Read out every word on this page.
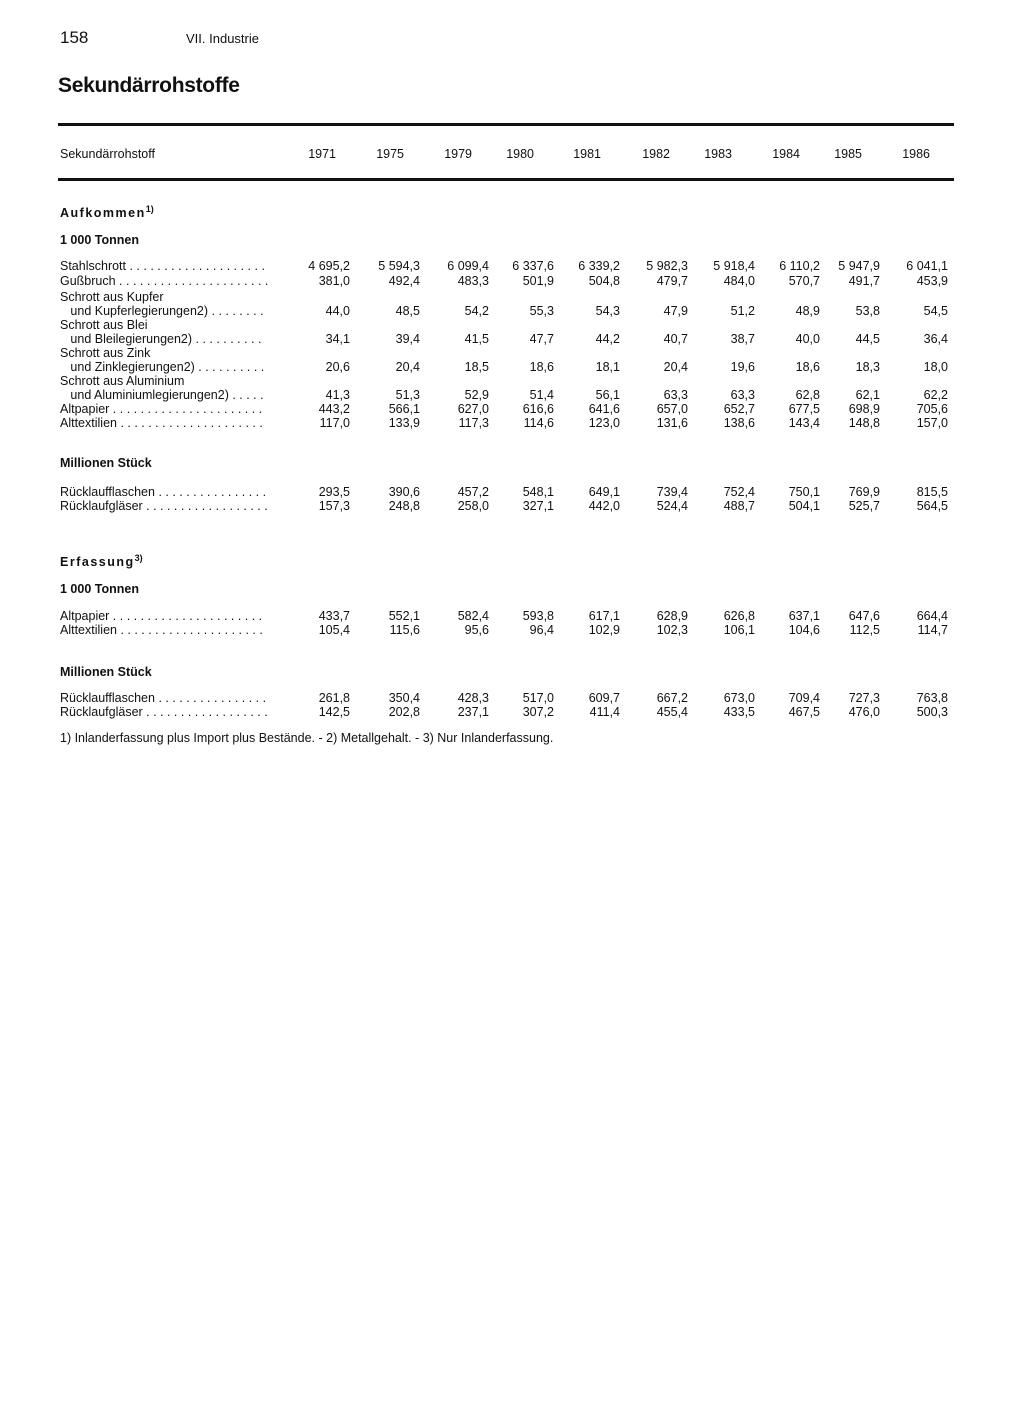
158	VII. Industrie
Sekundärrohstoffe
Sekundärrohstoff	1971	1975	1979	1980	1981	1982	1983	1984	1985	1986
Aufkommen$^{1)}$
1 000 Tonnen
Stahlschrott . . . . . . . . . . . . . . . . . . . .	4 695,2	5 594,3	6 099,4	6 337,6	6 339,2	5 982,3	5 918,4	6 110,2	5 947,9	6 041,1
Gußbruch . . . . . . . . . . . . . . . . . . . . . .	381,0	492,4	483,3	501,9	504,8	479,7	484,0	570,7	491,7	453,9
Schrott aus Kupfer
und Kupferlegierungen2) . . . . . . . .	44,0	48,5	54,2	55,3	54,3	47,9	51,2	48,9	53,8	54,5
Schrott aus Blei
und Bleilegierungen2) . . . . . . . . . .	34,1	39,4	41,5	47,7	44,2	40,7	38,7	40,0	44,5	36,4
Schrott aus Zink
und Zinklegierungen2) . . . . . . . . . .	20,6	20,4	18,5	18,6	18,1	20,4	19,6	18,6	18,3	18,0
Schrott aus Aluminium
und Aluminiumlegierungen2) . . . . .	41,3	51,3	52,9	51,4	56,1	63,3	63,3	62,8	62,1	62,2
Altpapier . . . . . . . . . . . . . . . . . . . . . .	443,2	566,1	627,0	616,6	641,6	657,0	652,7	677,5	698,9	705,6
Alttextilien . . . . . . . . . . . . . . . . . . . . .	117,0	133,9	117,3	114,6	123,0	131,6	138,6	143,4	148,8	157,0
Millionen Stück
Rücklaufflaschen . . . . . . . . . . . . . . . .	293,5	390,6	457,2	548,1	649,1	739,4	752,4	750,1	769,9	815,5
Rücklaufgläser . . . . . . . . . . . . . . . . . .	157,3	248,8	258,0	327,1	442,0	524,4	488,7	504,1	525,7	564,5
Erfassung$^{3)}$
1 000 Tonnen
Altpapier . . . . . . . . . . . . . . . . . . . . . .	433,7	552,1	582,4	593,8	617,1	628,9	626,8	637,1	647,6	664,4
Alttextilien . . . . . . . . . . . . . . . . . . . . .	105,4	115,6	95,6	96,4	102,9	102,3	106,1	104,6	112,5	114,7
Millionen Stück
Rücklaufflaschen . . . . . . . . . . . . . . . .	261,8	350,4	428,3	517,0	609,7	667,2	673,0	709,4	727,3	763,8
Rücklaufgläser . . . . . . . . . . . . . . . . . .	142,5	202,8	237,1	307,2	411,4	455,4	433,5	467,5	476,0	500,3
1) Inlanderfassung plus Import plus Bestände. - 2) Metallgehalt. - 3) Nur Inlanderfassung.
